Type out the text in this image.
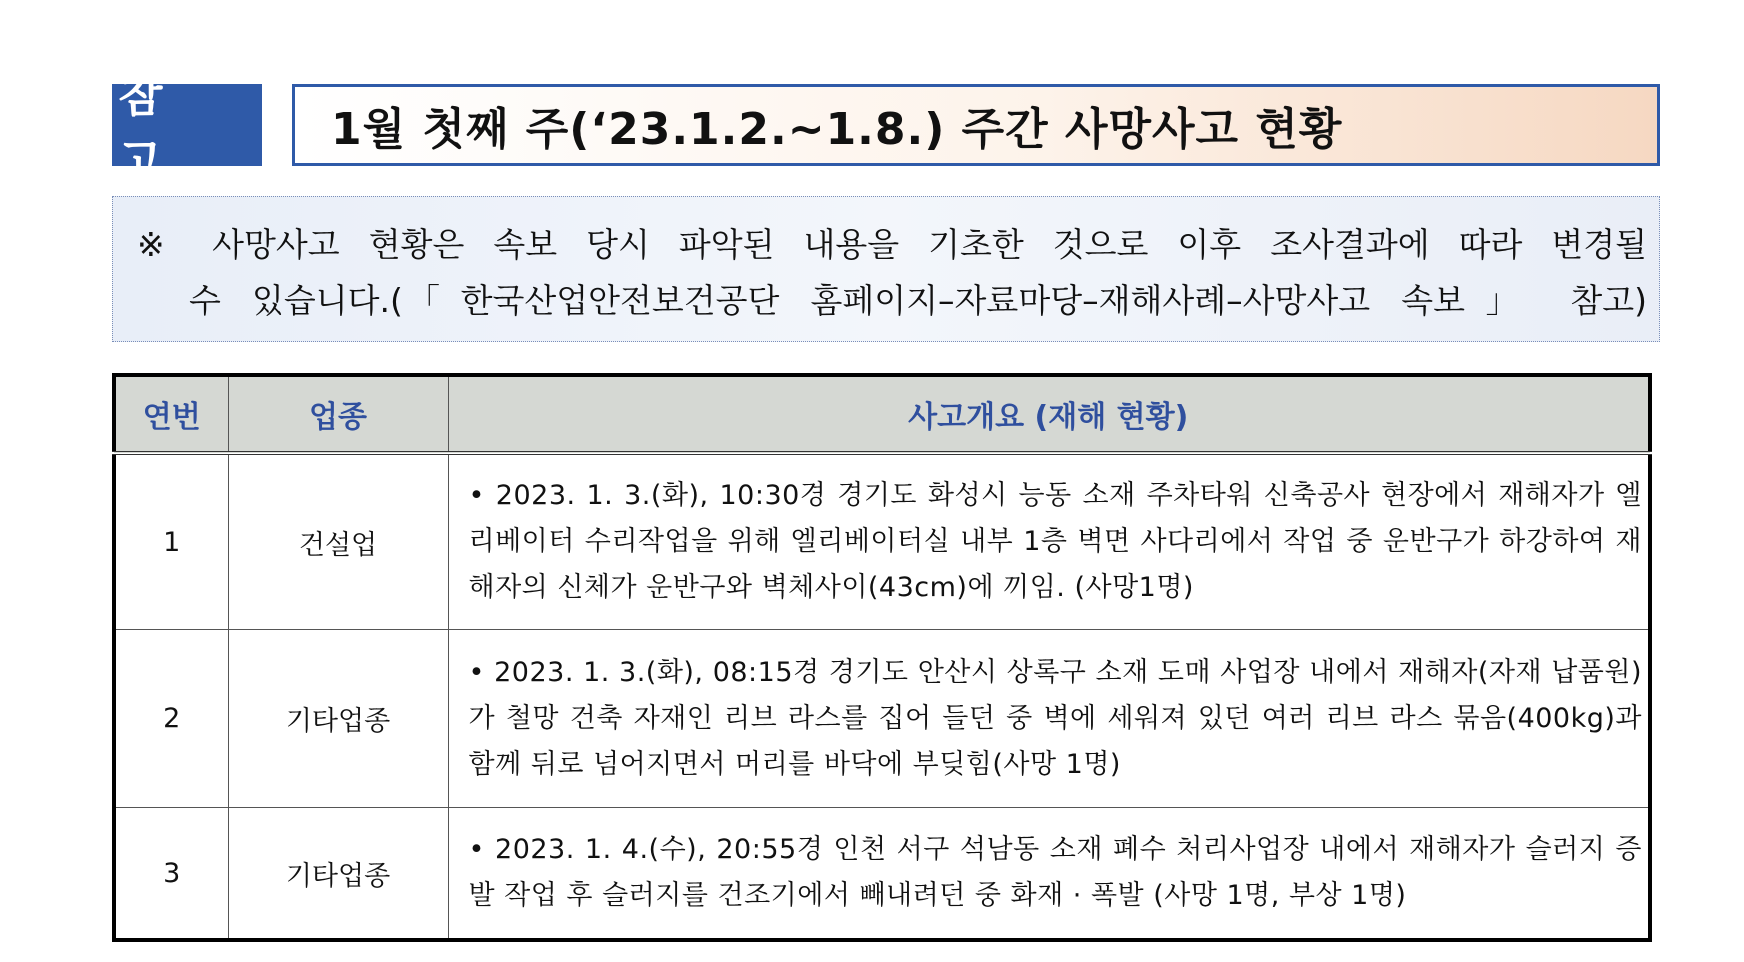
참 고
1월 첫째 주(‘23.1.2.~1.8.) 주간 사망사고 현황
※ 사망사고 현황은 속보 당시 파악된 내용을 기초한 것으로 이후 조사결과에 따라 변경될
수 있습니다.(「한국산업안전보건공단 홈페이지–자료마당–재해사례–사망사고 속보」 참고)
연번	업종	사고개요 (재해 현황)
1	건설업	• 2023. 1. 3.(화), 10:30경 경기도 화성시 능동 소재 주차타워 신축공사 현장에서 재해자가 엘리베이터 수리작업을 위해 엘리베이터실 내부 1층 벽면 사다리에서 작업 중 운반구가 하강하여 재해자의 신체가 운반구와 벽체사이(43cm)에 끼임. (사망1명)

2	기타업종	• 2023. 1. 3.(화), 08:15경 경기도 안산시 상록구 소재 도매 사업장 내에서 재해자(자재 납품원)가 철망 건축 자재인 리브 라스를 집어 들던 중 벽에 세워져 있던 여러 리브 라스 묶음(400kg)과 함께 뒤로 넘어지면서 머리를 바닥에 부딪힘(사망 1명)

3	기타업종	• 2023. 1. 4.(수), 20:55경 인천 서구 석남동 소재 폐수 처리사업장 내에서 재해자가 슬러지 증발 작업 후 슬러지를 건조기에서 빼내려던 중 화재 · 폭발 (사망 1명, 부상 1명)
